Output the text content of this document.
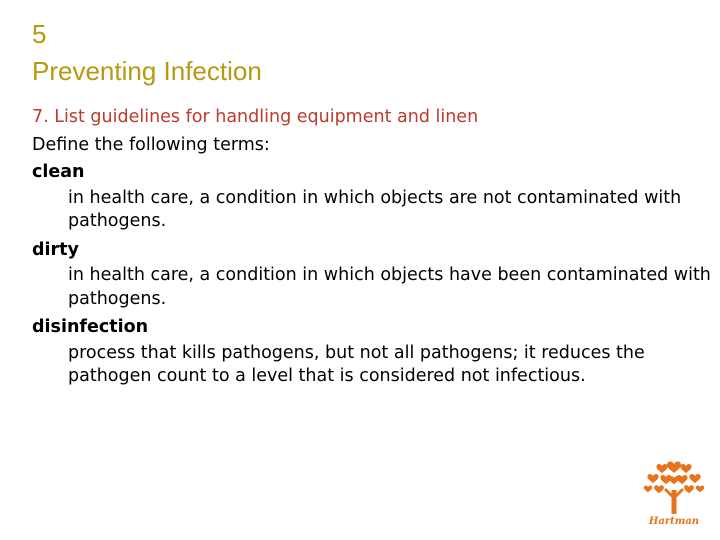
5
Preventing Infection

7. List guidelines for handling equipment and linen

Define the following terms:

clean

in health care, a condition in which objects are not contaminated with pathogens.

dirty

in health care, a condition in which objects have been contaminated with pathogens.

disinfection

process that kills pathogens, but not all pathogens; it reduces the pathogen count to a level that is considered not infectious.

Hartman
